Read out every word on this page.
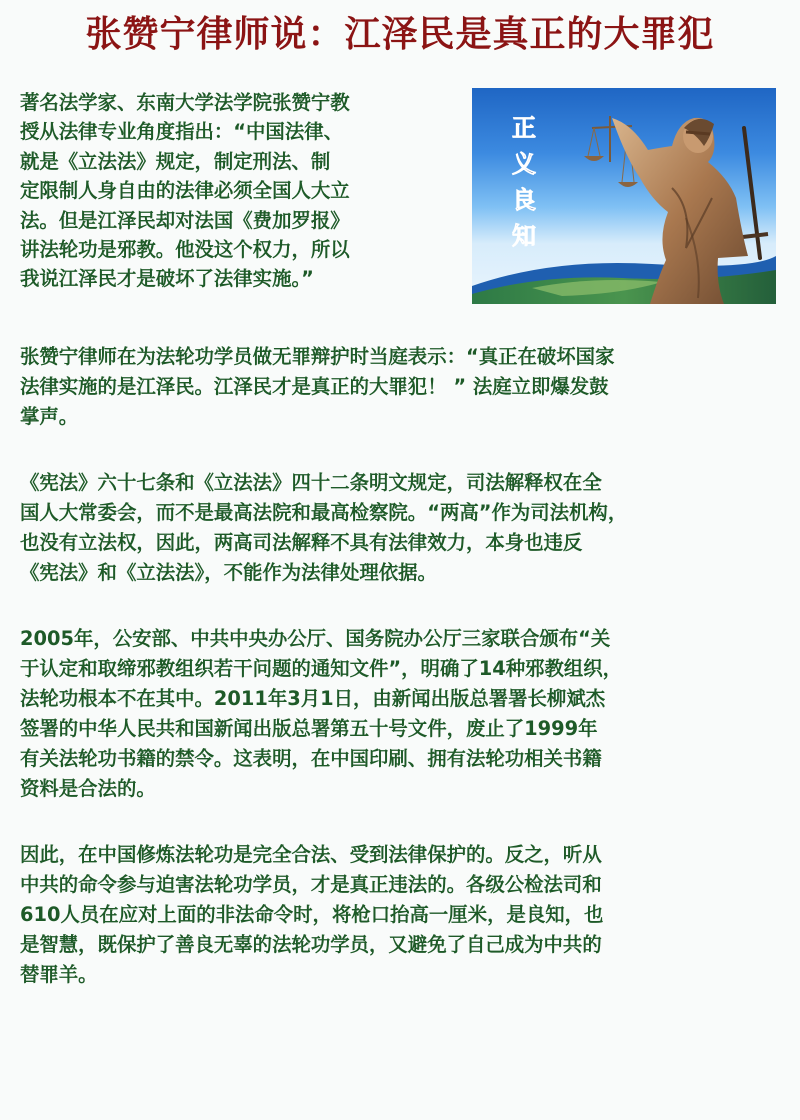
张赞宁律师说：江泽民是真正的大罪犯

著名法学家、东南大学法学院张赞宁教
授从法律专业角度指出：“中国法律、
就是《立法法》规定，制定刑法、制
定限制人身自由的法律必须全国人大立
法。但是江泽民却对法国《费加罗报》
讲法轮功是邪教。他没这个权力，所以
我说江泽民才是破坏了法律实施。”

正
义
良
知

张赞宁律师在为法轮功学员做无罪辩护时当庭表示：“真正在破坏国家
法律实施的是江泽民。江泽民才是真正的大罪犯！ ” 法庭立即爆发鼓
掌声。

《宪法》六十七条和《立法法》四十二条明文规定，司法解释权在全
国人大常委会，而不是最高法院和最高检察院。“两高”作为司法机构，
也没有立法权，因此，两高司法解释不具有法律效力，本身也违反
《宪法》和《立法法》，不能作为法律处理依据。

2005年，公安部、中共中央办公厅、国务院办公厅三家联合颁布“关
于认定和取缔邪教组织若干问题的通知文件”，明确了14种邪教组织，
法轮功根本不在其中。2011年3月1日，由新闻出版总署署长柳斌杰
签署的中华人民共和国新闻出版总署第五十号文件，废止了1999年
有关法轮功书籍的禁令。这表明，在中国印刷、拥有法轮功相关书籍
资料是合法的。

因此，在中国修炼法轮功是完全合法、受到法律保护的。反之，听从
中共的命令参与迫害法轮功学员，才是真正违法的。各级公检法司和
610人员在应对上面的非法命令时，将枪口抬高一厘米，是良知，也
是智慧，既保护了善良无辜的法轮功学员，又避免了自己成为中共的
替罪羊。
